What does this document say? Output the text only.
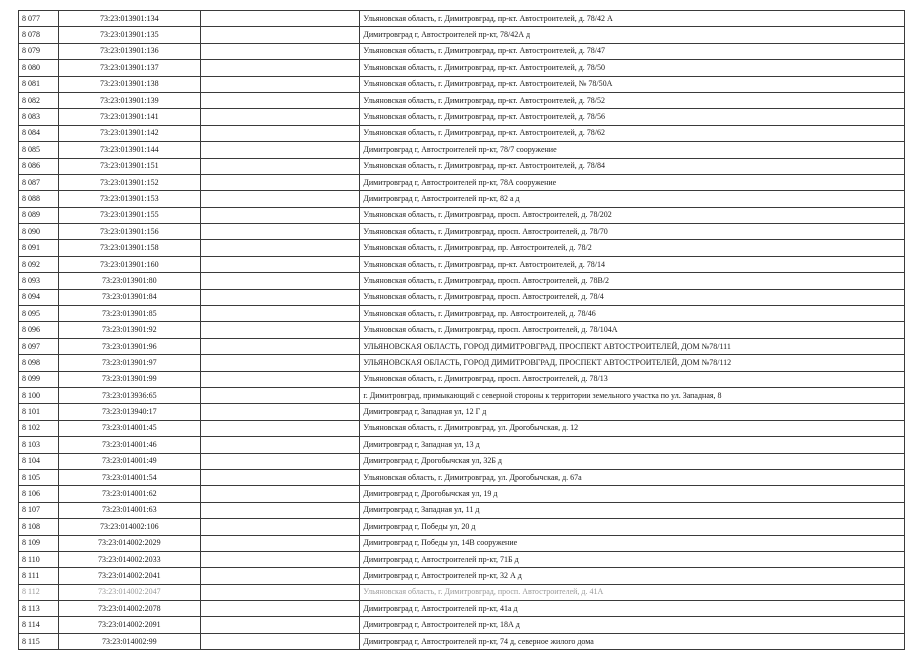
8 077	73:23:013901:134		Ульяновская область, г. Димитровград, пр-кт. Автостроителей, д. 78/42 А
8 078	73:23:013901:135		Димитровград г, Автостроителей пр-кт, 78/42А д
8 079	73:23:013901:136		Ульяновская область, г. Димитровград, пр-кт. Автостроителей, д. 78/47
8 080	73:23:013901:137		Ульяновская область, г. Димитровград, пр-кт. Автостроителей, д. 78/50
8 081	73:23:013901:138		Ульяновская область, г. Димитровград, пр-кт. Автостроителей, № 78/50А
8 082	73:23:013901:139		Ульяновская область, г. Димитровград, пр-кт. Автостроителей, д. 78/52
8 083	73:23:013901:141		Ульяновская область, г. Димитровград, пр-кт. Автостроителей, д. 78/56
8 084	73:23:013901:142		Ульяновская область, г. Димитровград, пр-кт. Автостроителей, д. 78/62
8 085	73:23:013901:144		Димитровград г, Автостроителей пр-кт, 78/7 сооружение
8 086	73:23:013901:151		Ульяновская область, г. Димитровград, пр-кт. Автостроителей, д. 78/84
8 087	73:23:013901:152		Димитровград г, Автостроителей пр-кт, 78А сооружение
8 088	73:23:013901:153		Димитровград г, Автостроителей пр-кт, 82 а д
8 089	73:23:013901:155		Ульяновская область, г. Димитровград, просп. Автостроителей, д. 78/202
8 090	73:23:013901:156		Ульяновская область, г. Димитровград, просп. Автостроителей, д. 78/70
8 091	73:23:013901:158		Ульяновская область, г. Димитровград, пр. Автостроителей, д. 78/2
8 092	73:23:013901:160		Ульяновская область, г. Димитровград, пр-кт. Автостроителей, д. 78/14
8 093	73:23:013901:80		Ульяновская область, г. Димитровград, просп. Автостроителей, д. 78В/2
8 094	73:23:013901:84		Ульяновская область, г. Димитровград, просп. Автостроителей, д. 78/4
8 095	73:23:013901:85		Ульяновская область, г. Димитровград, пр. Автостроителей, д. 78/46
8 096	73:23:013901:92		Ульяновская область, г. Димитровград, просп. Автостроителей, д. 78/104А
8 097	73:23:013901:96		УЛЬЯНОВСКАЯ ОБЛАСТЬ, ГОРОД ДИМИТРОВГРАД, ПРОСПЕКТ АВТОСТРОИТЕЛЕЙ, ДОМ №78/111
8 098	73:23:013901:97		УЛЬЯНОВСКАЯ ОБЛАСТЬ, ГОРОД ДИМИТРОВГРАД, ПРОСПЕКТ АВТОСТРОИТЕЛЕЙ, ДОМ №78/112
8 099	73:23:013901:99		Ульяновская область, г. Димитровград, просп. Автостроителей, д. 78/13
8 100	73:23:013936:65		г. Димитровград, примыкающий с северной стороны к территории земельного участка по ул. Западная, 8
8 101	73:23:013940:17		Димитровград г, Западная ул, 12 Г д
8 102	73:23:014001:45		Ульяновская область, г. Димитровград, ул. Дрогобычская, д. 12
8 103	73:23:014001:46		Димитровград г, Западная ул, 13 д
8 104	73:23:014001:49		Димитровград г, Дрогобычская ул, 32Б д
8 105	73:23:014001:54		Ульяновская область, г. Димитровград, ул. Дрогобычская, д. 67а
8 106	73:23:014001:62		Димитровград г, Дрогобычская ул, 19 д
8 107	73:23:014001:63		Димитровград г, Западная ул, 11 д
8 108	73:23:014002:106		Димитровград г, Победы ул, 20 д
8 109	73:23:014002:2029		Димитровград г, Победы ул, 14В сооружение
8 110	73:23:014002:2033		Димитровград г, Автостроителей пр-кт, 71Б д
8 111	73:23:014002:2041		Димитровград г, Автостроителей пр-кт, 32 А д
8 112	73:23:014002:2047		Ульяновская область, г. Димитровград, просп. Автостроителей, д. 41А
8 113	73:23:014002:2078		Димитровград г, Автостроителей пр-кт, 41а д
8 114	73:23:014002:2091		Димитровград г, Автостроителей пр-кт, 18А д
8 115	73:23:014002:99		Димитровград г, Автостроителей пр-кт, 74 д, северное жилого дома
